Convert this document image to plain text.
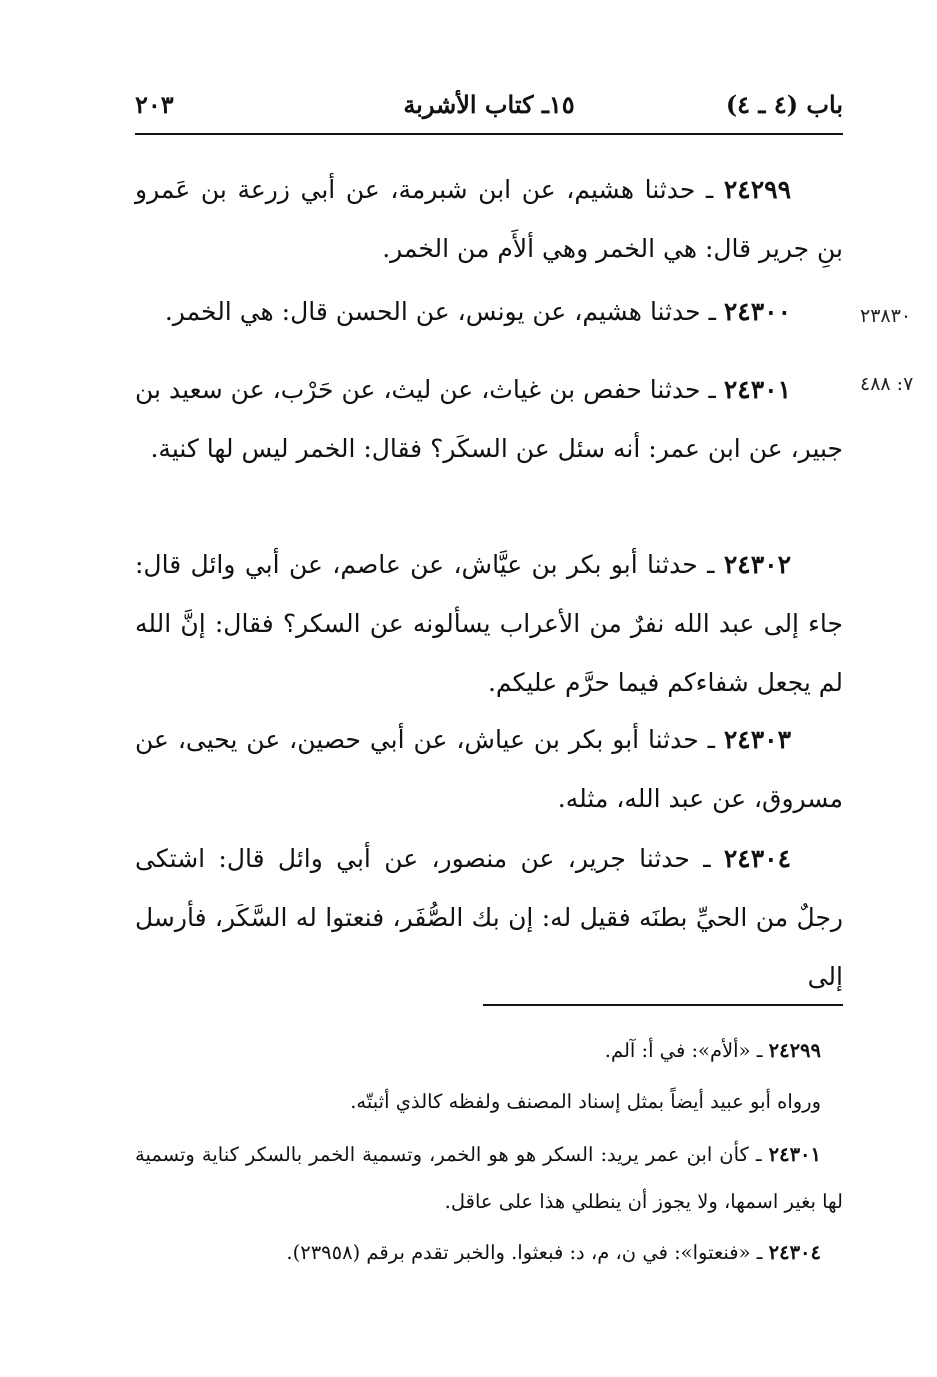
٢٠٣	١٥ـ كتاب الأشربة	باب (٤ ـ ٤)
٢٤٢٩٩ ـ حدثنا هشيم، عن ابن شبرمة، عن أبي زرعة بن عَمرو بنِ جرير قال: هي الخمر وهي ألأَم من الخمر.
٢٤٣٠٠ ـ حدثنا هشيم، عن يونس، عن الحسن قال: هي الخمر.	٢٣٨٣٠
٢٤٣٠١ ـ حدثنا حفص بن غياث، عن ليث، عن حَرْب، عن سعيد بن جبير، عن ابن عمر: أنه سئل عن السكَر؟ فقال: الخمر ليس لها كنية.
٧: ٤٨٨
٢٤٣٠٢ ـ حدثنا أبو بكر بن عيَّاش، عن عاصم، عن أبي وائل قال: جاء إلى عبد الله نفرٌ من الأعراب يسألونه عن السكر؟ فقال: إنَّ الله لم يجعل شفاءكم فيما حرَّم عليكم.
٢٤٣٠٣ ـ حدثنا أبو بكر بن عياش، عن أبي حصين، عن يحيى، عن مسروق، عن عبد الله، مثله.
٢٤٣٠٤ ـ حدثنا جرير، عن منصور، عن أبي وائل قال: اشتكى رجلٌ من الحيِّ بطنَه فقيل له: إن بك الصُّفَر، فنعتوا له السَّكَر، فأرسل إلى
٢٤٢٩٩ ـ «ألأم»: في أ: آلم.
ورواه أبو عبيد أيضاً بمثل إسناد المصنف ولفظه كالذي أثبتّه.
٢٤٣٠١ ـ كأن ابن عمر يريد: السكر هو هو الخمر، وتسمية الخمر بالسكر كناية وتسمية لها بغير اسمها، ولا يجوز أن ينطلي هذا على عاقل.
٢٤٣٠٤ ـ «فنعتوا»: في ن، م، د: فبعثوا. والخبر تقدم برقم (٢٣٩٥٨).
